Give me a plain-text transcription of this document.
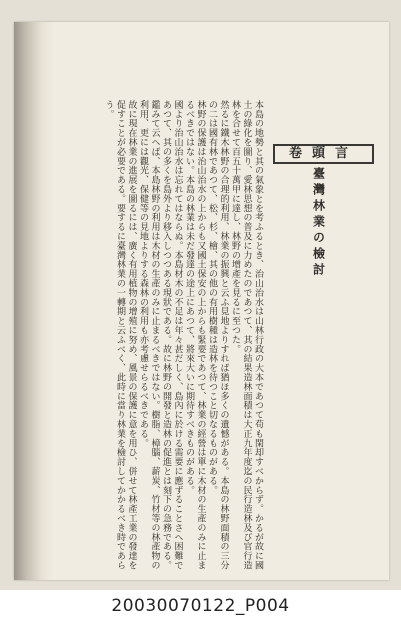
卷頭言 臺灣林業の檢討
本島の地勢と其の氣象とを考ふるとき、治山治水は山林行政の大本であつて苟も閑却すべからず。かるが故に國土の綠化を圖り、愛林思想の普及に力めたのであつて、其の結果造林面積は大正九年度迄の民行造林及び官行造林を合せて百五十萬甲に達し、林野の增產を見るに至つた。
然るに鐵木林野の合理的利用、林業の振興と云ふ見地よりすれば猶ほ多くの遺憾がある。本島の林野面積の三分の二は國有林であつて、松、杉、檜、其の他の有用樹種は造林を待つこと切なるものがある。
林野の保護は治山治水の上からも又國土保安の上からも緊要であつて、林業の經營は單に木材の生產のみに止まるべきではない。本島の林業は未だ發達の途上にあつて、將來大いに期待すべきものがある。
國より治山治水は忘れてはならぬ。本島材木の不足は年々甚だしく、島內に於ける需要に應ずることさへ困難であつて、其の多くを島外より移入しつつある現狀である。故に林野の開發と造林の促進とは刻下の急務である。
鑑みて云へば、本島林野の利用は木材の生產のみに止まるべきではない。樹脂、樟腦、薪炭、竹材等の林產物の利用、更には觀光、保健等の見地よりする森林の利用も亦考慮せらるべきである。
故に現在林業の進展を圖るには、廣く有用植物の增殖に努め、風景の保護に意を用ひ、併せて林產工業の發達を促すことが必要である。要するに臺灣林業の一轉期と云ふべく、此時に當り林業を檢討してかかるべき時であらう。
20030070122_P004
